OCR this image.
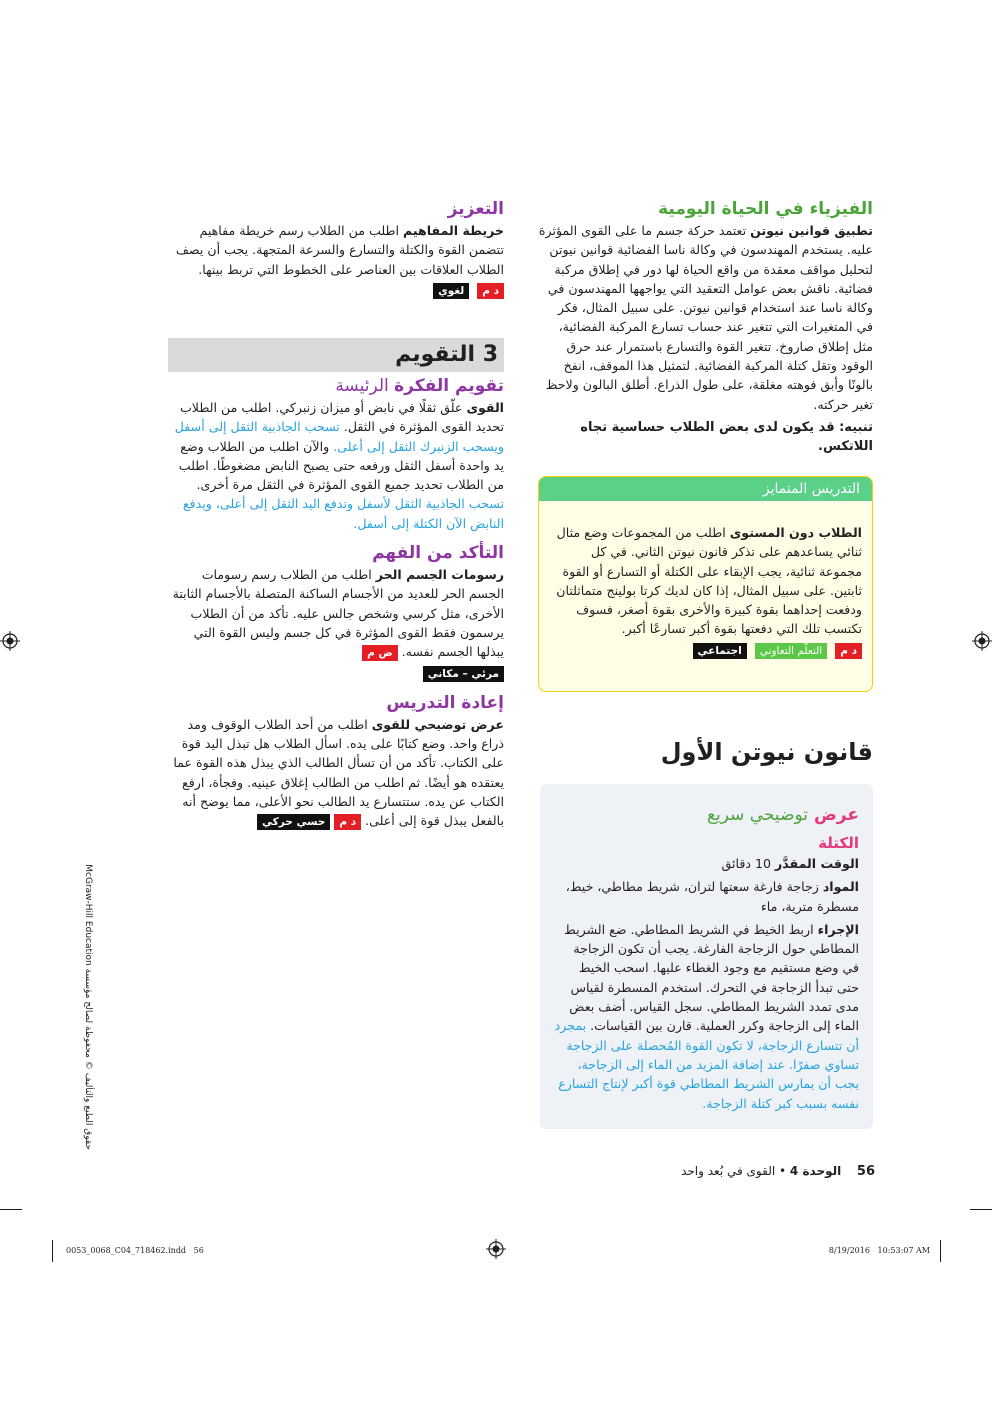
الفيزياء في الحياة اليومية

تطبيق قوانين نيوتن تعتمد حركة جسم ما على القوى المؤثرة عليه. يستخدم المهندسون في وكالة ناسا الفضائية قوانين نيوتن لتحليل مواقف معقدة من واقع الحياة لها دور في إطلاق مركبة فضائية. ناقش بعض عوامل التعقيد التي يواجهها المهندسون في وكالة ناسا عند استخدام قوانين نيوتن. على سبيل المثال، فكر في المتغيرات التي تتغير عند حساب تسارع المركبة الفضائية، مثل إطلاق صاروخ. تتغير القوة والتسارع باستمرار عند حرق الوقود وتقل كتلة المركبة الفضائية. لتمثيل هذا الموقف، انفخ بالونًا وأبق فوهته مغلقة، على طول الذراع. أطلق البالون ولاحظ تغير حركته.

تنبيه: قد يكون لدى بعض الطلاب حساسية تجاه اللاتكس.

التدريس المتمايز

الطلاب دون المستوى اطلب من المجموعات وضع مثال ثنائي يساعدهم على تذكر قانون نيوتن الثاني. في كل مجموعة ثنائية، يجب الإبقاء على الكتلة أو التسارع أو القوة ثابتين. على سبيل المثال، إذا كان لديك كرتا بولينج متماثلتان ودفعت إحداهما بقوة كبيرة والأخرى بقوة أصغر، فسوف تكتسب تلك التي دفعتها بقوة أكبر تسارعًا أكبر.

د م التعلّم التعاوني اجتماعي
قانون نيوتن الأول
عرض توضيحي سريع
الكتلة

الوقت المقدَّر 10 دقائق

المواد زجاجة فارغة سعتها لتران، شريط مطاطي، خيط، مسطرة مترية، ماء

الإجراء اربط الخيط في الشريط المطاطي. ضع الشريط المطاطي حول الزجاجة الفارغة. يجب أن تكون الزجاجة في وضع مستقيم مع وجود الغطاء عليها. اسحب الخيط حتى تبدأ الزجاجة في التحرك. استخدم المسطرة لقياس مدى تمدد الشريط المطاطي. سجل القياس. أضف بعض الماء إلى الزجاجة وكرر العملية. قارن بين القياسات. بمجرد أن تتسارع الزجاجة، لا تكون القوة المُحصلة على الزجاجة تساوي صفرًا. عند إضافة المزيد من الماء إلى الزجاجة، يجب أن يمارس الشريط المطاطي قوة أكبر لإنتاج التسارع نفسه بسبب كبر كتلة الزجاجة.

التعزيز

خريطة المفاهيم اطلب من الطلاب رسم خريطة مفاهيم تتضمن القوة والكتلة والتسارع والسرعة المتجهة. يجب أن يصف الطلاب العلاقات بين العناصر على الخطوط التي تربط بينها.

د م لغوي
3 التقويم
تقويم الفكرة الرئيسة

القوى علّق ثقلًا في نابض أو ميزان زنبركي. اطلب من الطلاب تحديد القوى المؤثرة في الثقل. تسحب الجاذبية الثقل إلى أسفل ويسحب الزنبرك الثقل إلى أعلى. والآن اطلب من الطلاب وضع يد واحدة أسفل الثقل ورفعه حتى يصبح النابض مضغوطًا. اطلب من الطلاب تحديد جميع القوى المؤثرة في الثقل مرة أخرى. تسحب الجاذبية الثقل لأسفل وتدفع اليد الثقل إلى أعلى، ويدفع النابض الآن الكتلة إلى أسفل.

التأكد من الفهم

رسومات الجسم الحر اطلب من الطلاب رسم رسومات الجسم الحر للعديد من الأجسام الساكنة المتصلة بالأجسام الثابتة الأخرى، مثل كرسي وشخص جالس عليه. تأكد من أن الطلاب يرسمون فقط القوى المؤثرة في كل جسم وليس القوة التي يبذلها الجسم نفسه. ض م

مرئي – مكاني
إعادة التدريس

عرض توضيحي للقوى اطلب من أحد الطلاب الوقوف ومد ذراع واحد. وضع كتابًا على يده. اسأل الطلاب هل تبذل اليد قوة على الكتاب. تأكد من أن تسأل الطالب الذي يبذل هذه القوة عما يعتقده هو أيضًا. ثم اطلب من الطالب إغلاق عينيه. وفجأة، ارفع الكتاب عن يده. ستتسارع يد الطالب نحو الأعلى، مما يوضح أنه بالفعل يبذل قوة إلى أعلى. د م حسي حركي

حقوق الطبع والتأليف © محفوظة لصالح مؤسسة McGraw-Hill Education
56  الوحدة 4 • القوى في بُعد واحد
0053_0068_C04_718462.indd   56	8/19/2016   10:53:07 AM
